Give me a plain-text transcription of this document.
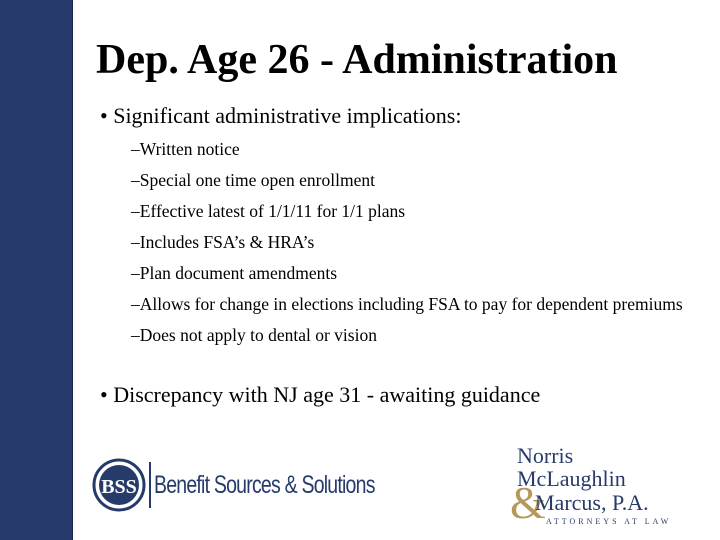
Dep. Age 26 - Administration
• Significant administrative implications:

–Written notice

–Special one time open enrollment

–Effective latest of 1/1/11 for 1/1 plans

–Includes FSA’s & HRA’s

–Plan document amendments

–Allows for change in elections including FSA to pay for dependent premiums

–Does not apply to dental or vision

• Discrepancy with NJ age 31 - awaiting guidance
BSS Benefit Sources & Solutions
Norris
McLaughlin
&
Marcus, P.A.
ATTORNEYS AT LAW
